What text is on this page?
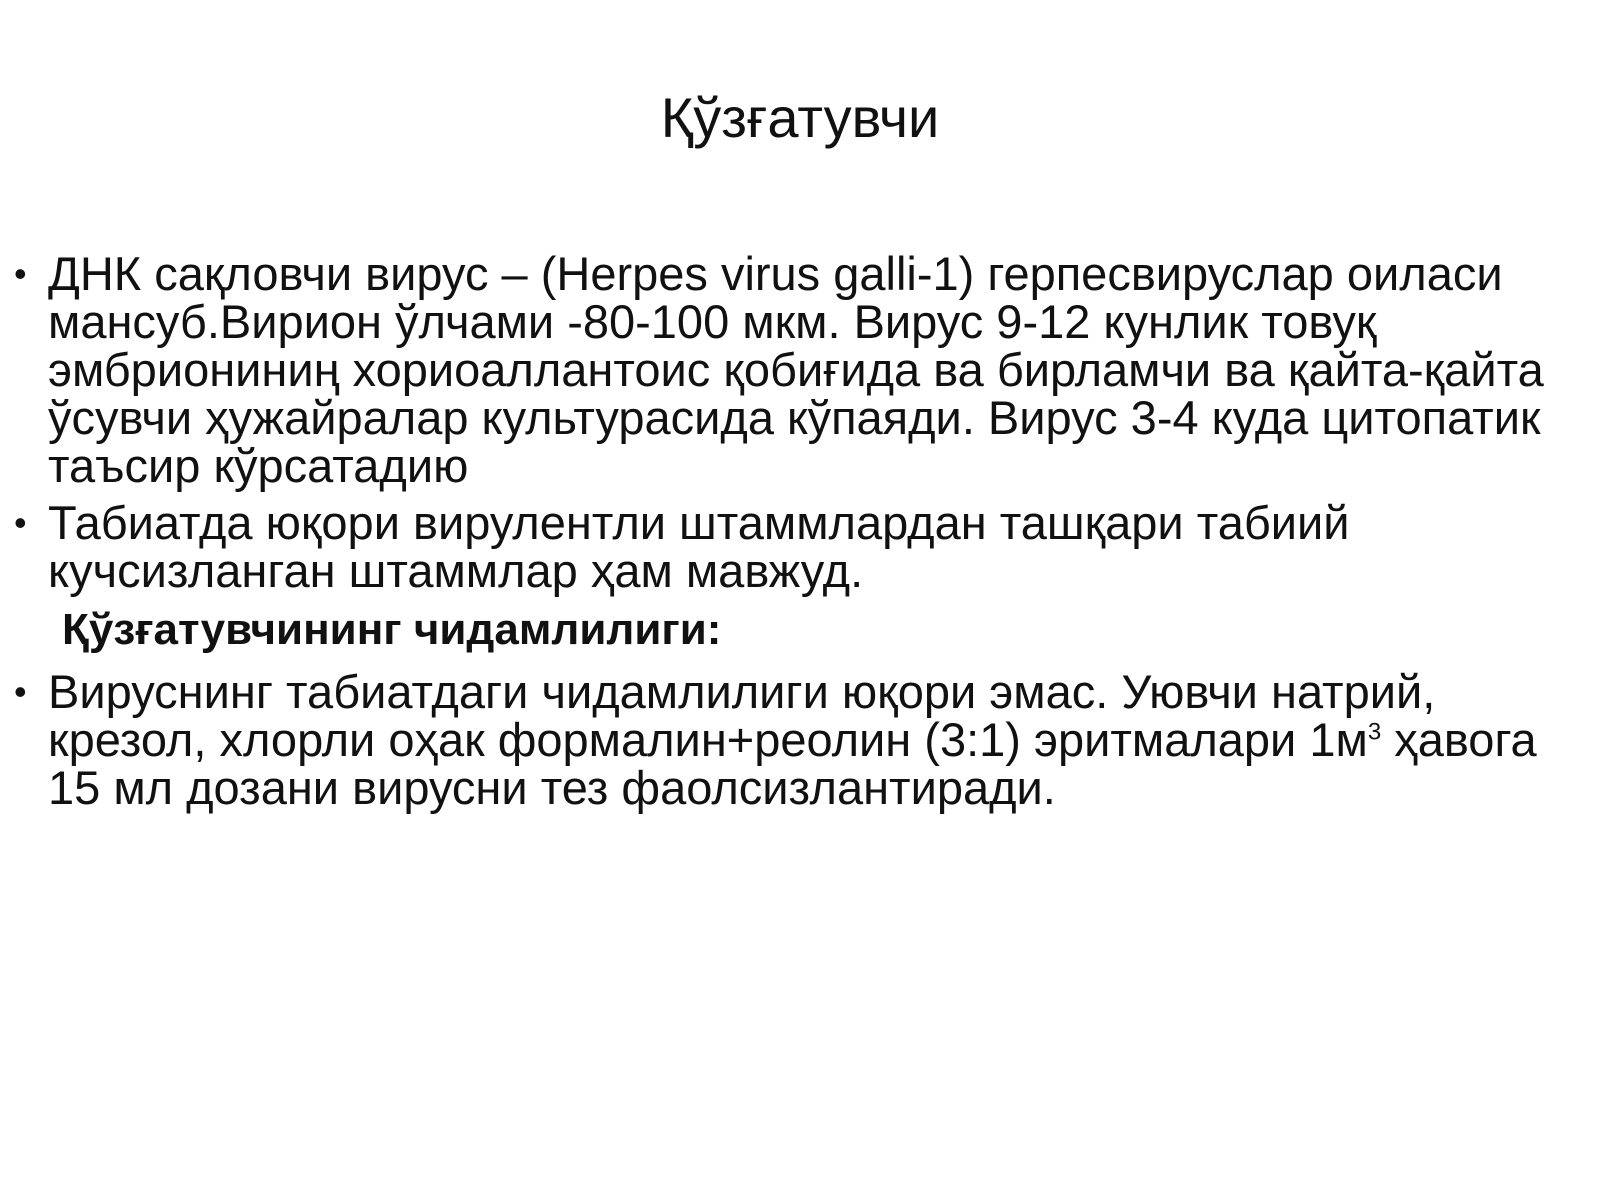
Қўзғатувчи

• ДНК сақловчи вирус – (Herpes virus galli-1) герпесвируслар оиласи мансуб.Вирион ўлчами -80-100 мкм. Вирус 9-12 кунлик товуқ эмбриониниң хориоаллантоис қобиғида ва бирламчи ва қайта-қайта ўсувчи ҳужайралар культурасида кўпаяди. Вирус 3-4 куда цитопатик таъсир кўрсатадию

• Табиатда юқори вирулентли штаммлардан ташқари табиий кучсизланган штаммлар ҳам мавжуд.

Қўзғатувчининг чидамлилиги:

• Вируснинг табиатдаги чидамлилиги юқори эмас. Уювчи натрий, крезол, хлорли оҳак формалин+реолин (3:1) эритмалари $1м^3$ ҳавога 15 мл дозани вирусни тез фаолсизлантиради.
